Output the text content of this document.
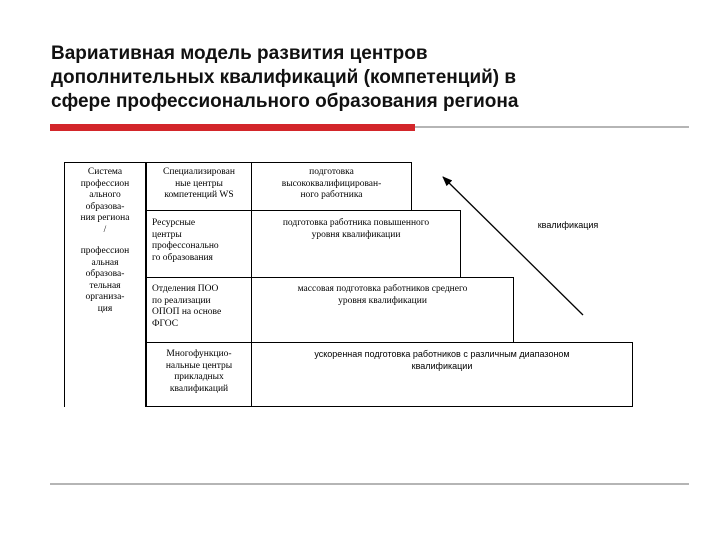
Вариативная модель развития центров
дополнительных квалификаций (компетенций) в
сфере профессионального образования региона
Система
профессион
ального
образова-
ния региона
/
профессион
альная
образова-
тельная
организа-
ция
Специализирован
ные центры
компетенций WS
Ресурсные
центры
профессонально
го образования
Отделения ПОО
по реализации
ОПОП на основе
ФГОС
Многофункцио-
нальные центры
прикладных
квалификаций
подготовка
высококвалифицирован-
ного работника
подготовка работника повышенного
уровня квалификации
массовая подготовка работников среднего
уровня квалификации
ускоренная подготовка работников с различным диапазоном
квалификации
квалификация
